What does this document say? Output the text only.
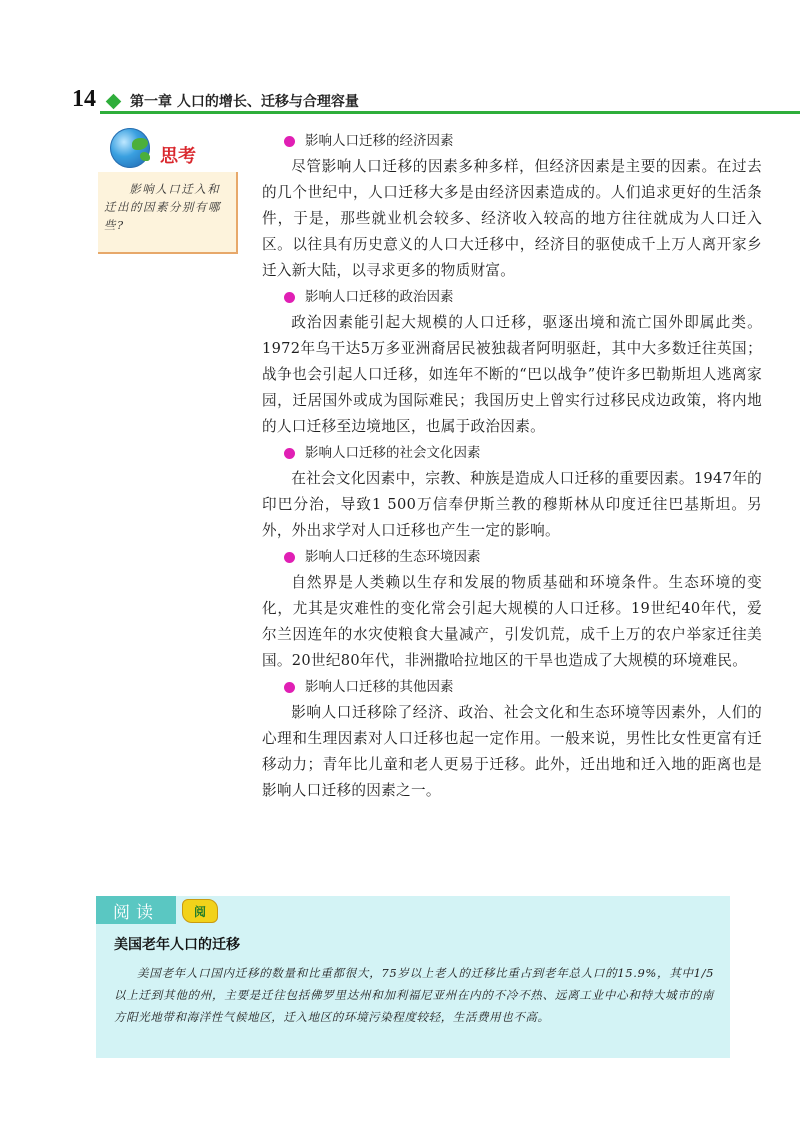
14 第一章 人口的增长、迁移与合理容量
思考
影响人口迁入和迁出的因素分别有哪些?
影响人口迁移的经济因素

尽管影响人口迁移的因素多种多样，但经济因素是主要的因素。在过去的几个世纪中，人口迁移大多是由经济因素造成的。人们追求更好的生活条件，于是，那些就业机会较多、经济收入较高的地方往往就成为人口迁入区。以往具有历史意义的人口大迁移中，经济目的驱使成千上万人离开家乡迁入新大陆，以寻求更多的物质财富。

影响人口迁移的政治因素

政治因素能引起大规模的人口迁移，驱逐出境和流亡国外即属此类。1972年乌干达5万多亚洲裔居民被独裁者阿明驱赶，其中大多数迁往英国；战争也会引起人口迁移，如连年不断的“巴以战争”使许多巴勒斯坦人逃离家园，迁居国外或成为国际难民；我国历史上曾实行过移民戍边政策，将内地的人口迁移至边境地区，也属于政治因素。

影响人口迁移的社会文化因素

在社会文化因素中，宗教、种族是造成人口迁移的重要因素。1947年的印巴分治，导致1 500万信奉伊斯兰教的穆斯林从印度迁往巴基斯坦。另外，外出求学对人口迁移也产生一定的影响。

影响人口迁移的生态环境因素

自然界是人类赖以生存和发展的物质基础和环境条件。生态环境的变化，尤其是灾难性的变化常会引起大规模的人口迁移。19世纪40年代，爱尔兰因连年的水灾使粮食大量减产，引发饥荒，成千上万的农户举家迁往美国。20世纪80年代，非洲撒哈拉地区的干旱也造成了大规模的环境难民。

影响人口迁移的其他因素

影响人口迁移除了经济、政治、社会文化和生态环境等因素外，人们的心理和生理因素对人口迁移也起一定作用。一般来说，男性比女性更富有迁移动力；青年比儿童和老人更易于迁移。此外，迁出地和迁入地的距离也是影响人口迁移的因素之一。

阅读	阅
美国老年人口的迁移
美国老年人口国内迁移的数量和比重都很大，75岁以上老人的迁移比重占到老年总人口的15.9%，其中1/5以上迁到其他的州，主要是迁往包括佛罗里达州和加利福尼亚州在内的不冷不热、远离工业中心和特大城市的南方阳光地带和海洋性气候地区，迁入地区的环境污染程度较轻，生活费用也不高。
